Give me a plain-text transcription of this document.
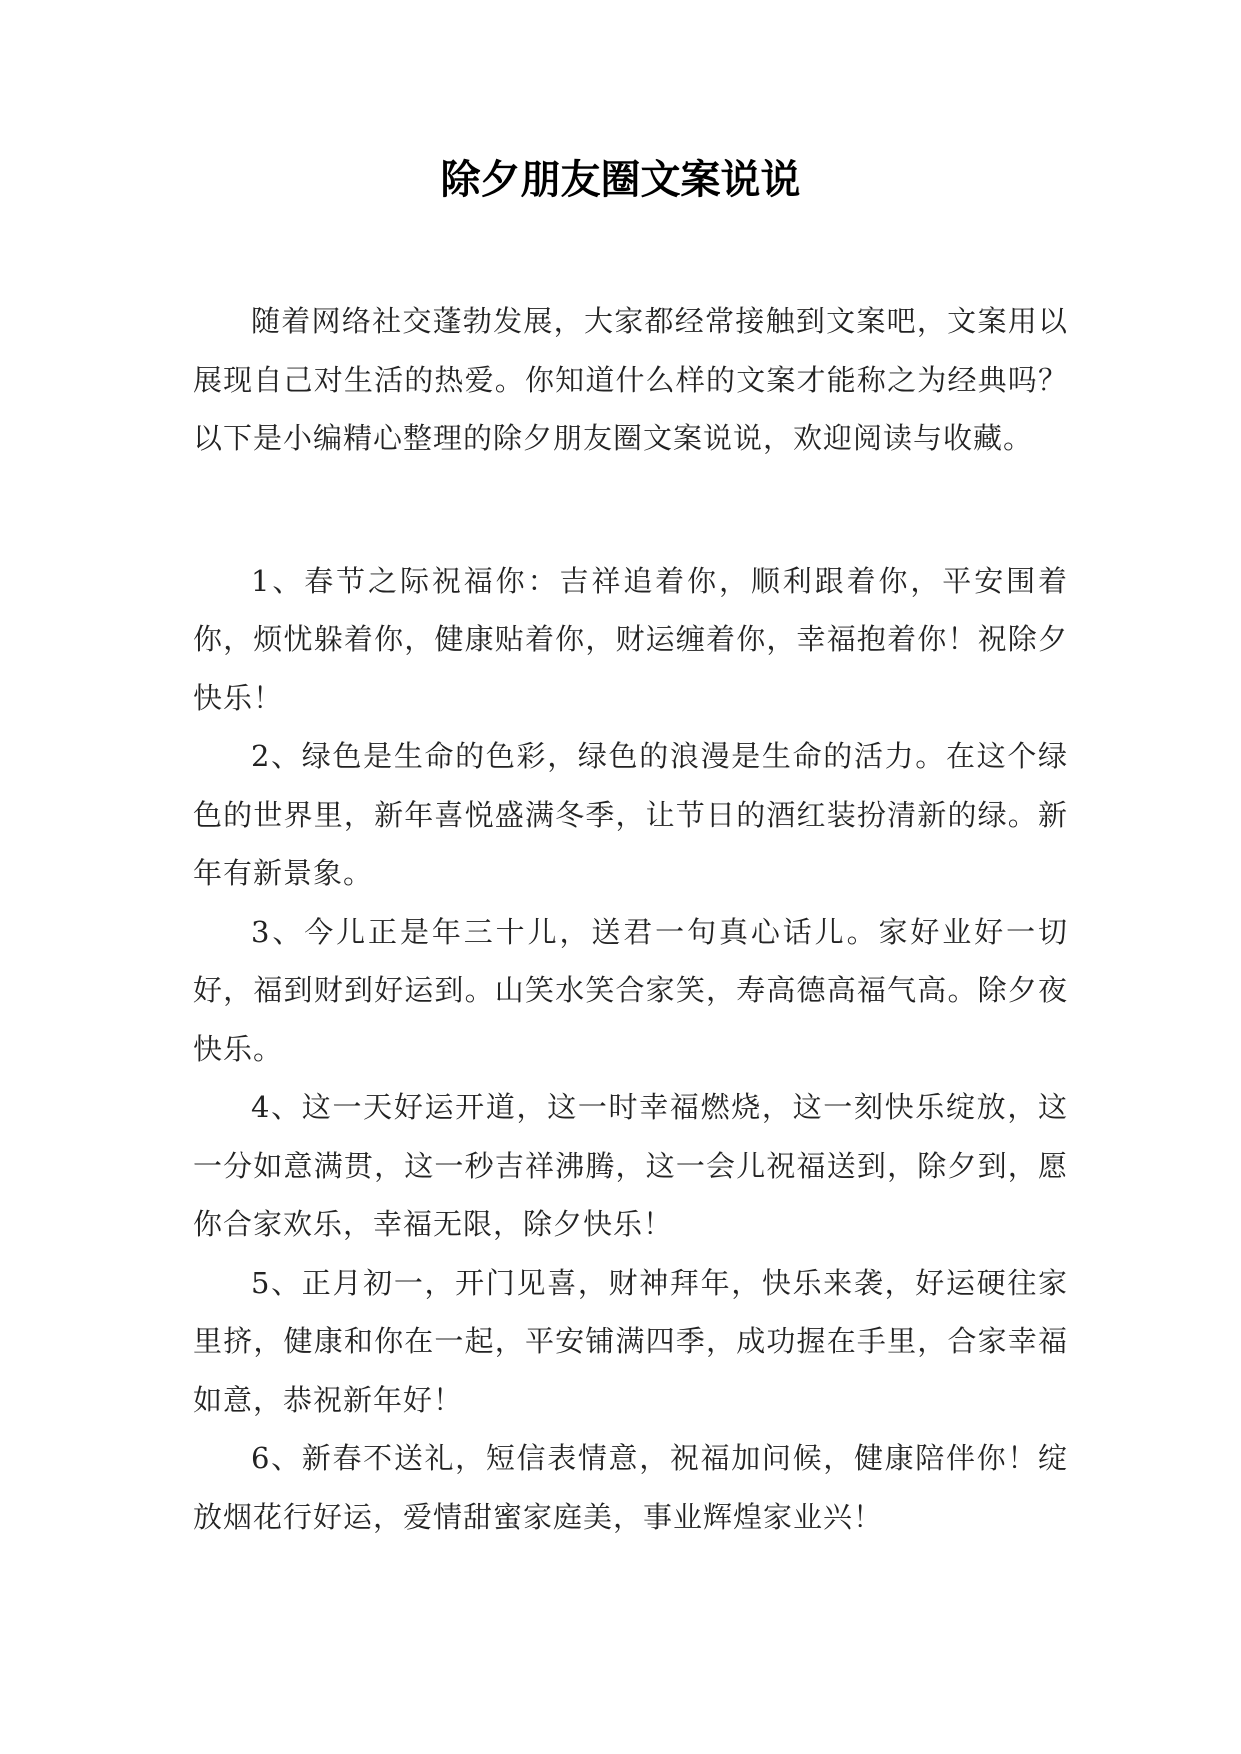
除夕朋友圈文案说说

随着网络社交蓬勃发展，大家都经常接触到文案吧，文案用以展现自己对生活的热爱。你知道什么样的文案才能称之为经典吗？以下是小编精心整理的除夕朋友圈文案说说，欢迎阅读与收藏。

1、春节之际祝福你：吉祥追着你，顺利跟着你，平安围着你，烦忧躲着你，健康贴着你，财运缠着你，幸福抱着你！祝除夕快乐！

2、绿色是生命的色彩，绿色的浪漫是生命的活力。在这个绿色的世界里，新年喜悦盛满冬季，让节日的酒红装扮清新的绿。新年有新景象。

3、今儿正是年三十儿，送君一句真心话儿。家好业好一切好，福到财到好运到。山笑水笑合家笑，寿高德高福气高。除夕夜快乐。

4、这一天好运开道，这一时幸福燃烧，这一刻快乐绽放，这一分如意满贯，这一秒吉祥沸腾，这一会儿祝福送到，除夕到，愿你合家欢乐，幸福无限，除夕快乐！

5、正月初一，开门见喜，财神拜年，快乐来袭，好运硬往家里挤，健康和你在一起，平安铺满四季，成功握在手里，合家幸福如意，恭祝新年好！

6、新春不送礼，短信表情意，祝福加问候，健康陪伴你！绽放烟花行好运，爱情甜蜜家庭美，事业辉煌家业兴！
